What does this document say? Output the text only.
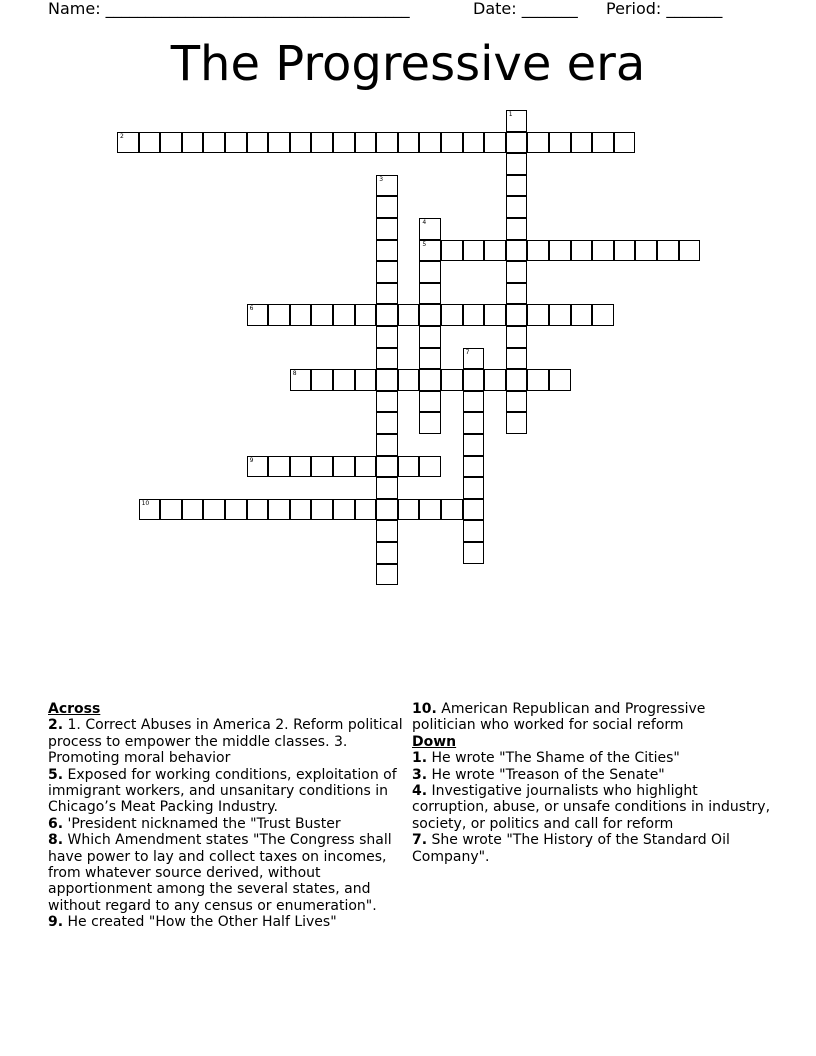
Name: ______________________________________	Date: _______ Period: _______
The Progressive era
1
2
3
4
5
6
7
8
9
10
Across
2. 1. Correct Abuses in America 2. Reform political process to empower the middle classes. 3. Promoting moral behavior
5. Exposed for working conditions, exploitation of immigrant workers, and unsanitary conditions in Chicago’s Meat Packing Industry.
6. 'President nicknamed the "Trust Buster
8. Which Amendment states "The Congress shall have power to lay and collect taxes on incomes, from whatever source derived, without apportionment among the several states, and without regard to any census or enumeration".
9. He created "How the Other Half Lives"
10. American Republican and Progressive politician who worked for social reform
Down
1. He wrote "The Shame of the Cities"
3. He wrote "Treason of the Senate"
4. Investigative journalists who highlight corruption, abuse, or unsafe conditions in industry, society, or politics and call for reform
7. She wrote "The History of the Standard Oil Company".
